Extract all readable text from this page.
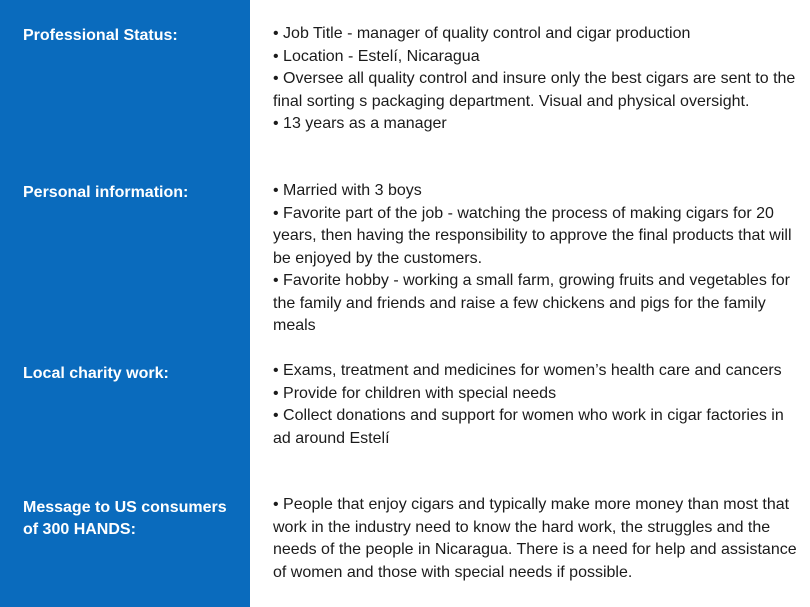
Professional Status:	• Job Title - manager of quality control and cigar production

• Location - Estelí, Nicaragua

• Oversee all quality control and insure only the best cigars are sent to the final sorting s packaging department. Visual and physical oversight.

• 13 years as a manager

Personal information:	• Married with 3 boys

• Favorite part of the job - watching the process of making cigars for 20 years, then having the responsibility to approve the final products that will be enjoyed by the customers.

• Favorite hobby - working a small farm, growing fruits and vegetables for the family and friends and raise a few chickens and pigs for the family meals

Local charity work:	• Exams, treatment and medicines for women’s health care and cancers

• Provide for children with special needs

• Collect donations and support for women who work in cigar factories in ad around Estelí

Message to US consumers of 300 HANDS:

• People that enjoy cigars and typically make more money than most that work in the industry need to know the hard work, the struggles and the needs of the people in Nicaragua. There is a need for help and assistance of women and those with special needs if possible.
